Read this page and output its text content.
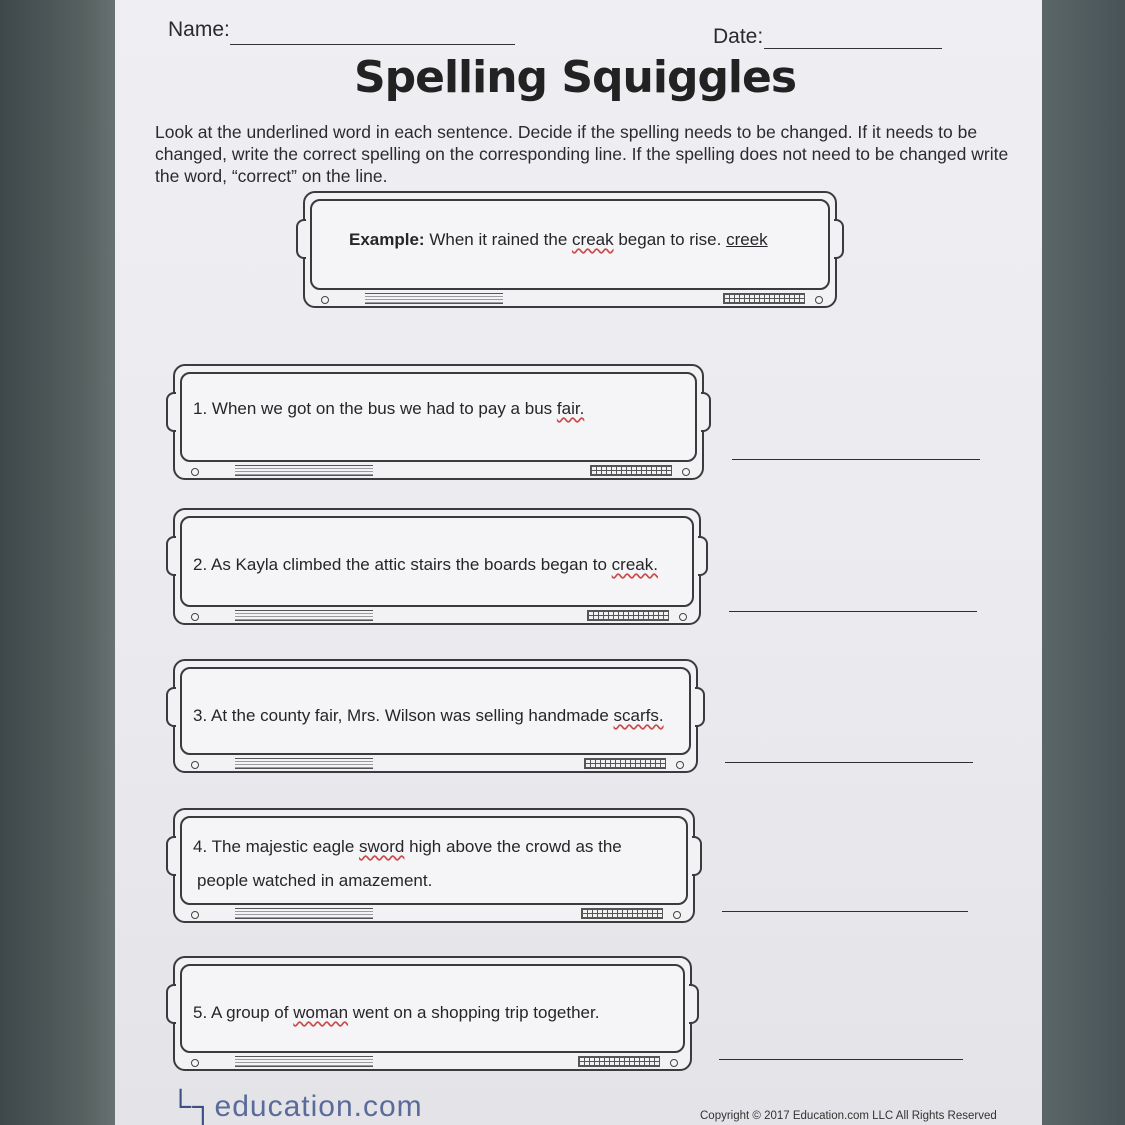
Name:	Date:
Spelling Squiggles
Look at the underlined word in each sentence. Decide if the spelling needs to be changed. If it needs to be changed, write the correct spelling on the corresponding line. If the spelling does not need to be changed write the word, “correct” on the line.
Example: When it rained the creak began to rise. creek
1. When we got on the bus we had to pay a bus fair.
2. As Kayla climbed the attic stairs the boards began to creak.
3. At the county fair, Mrs. Wilson was selling handmade scarfs.
4. The majestic eagle sword high above the crowd as the
people watched in amazement.
5. A group of woman went on a shopping trip together.
└┐education.com	Copyright © 2017 Education.com LLC All Rights Reserved
